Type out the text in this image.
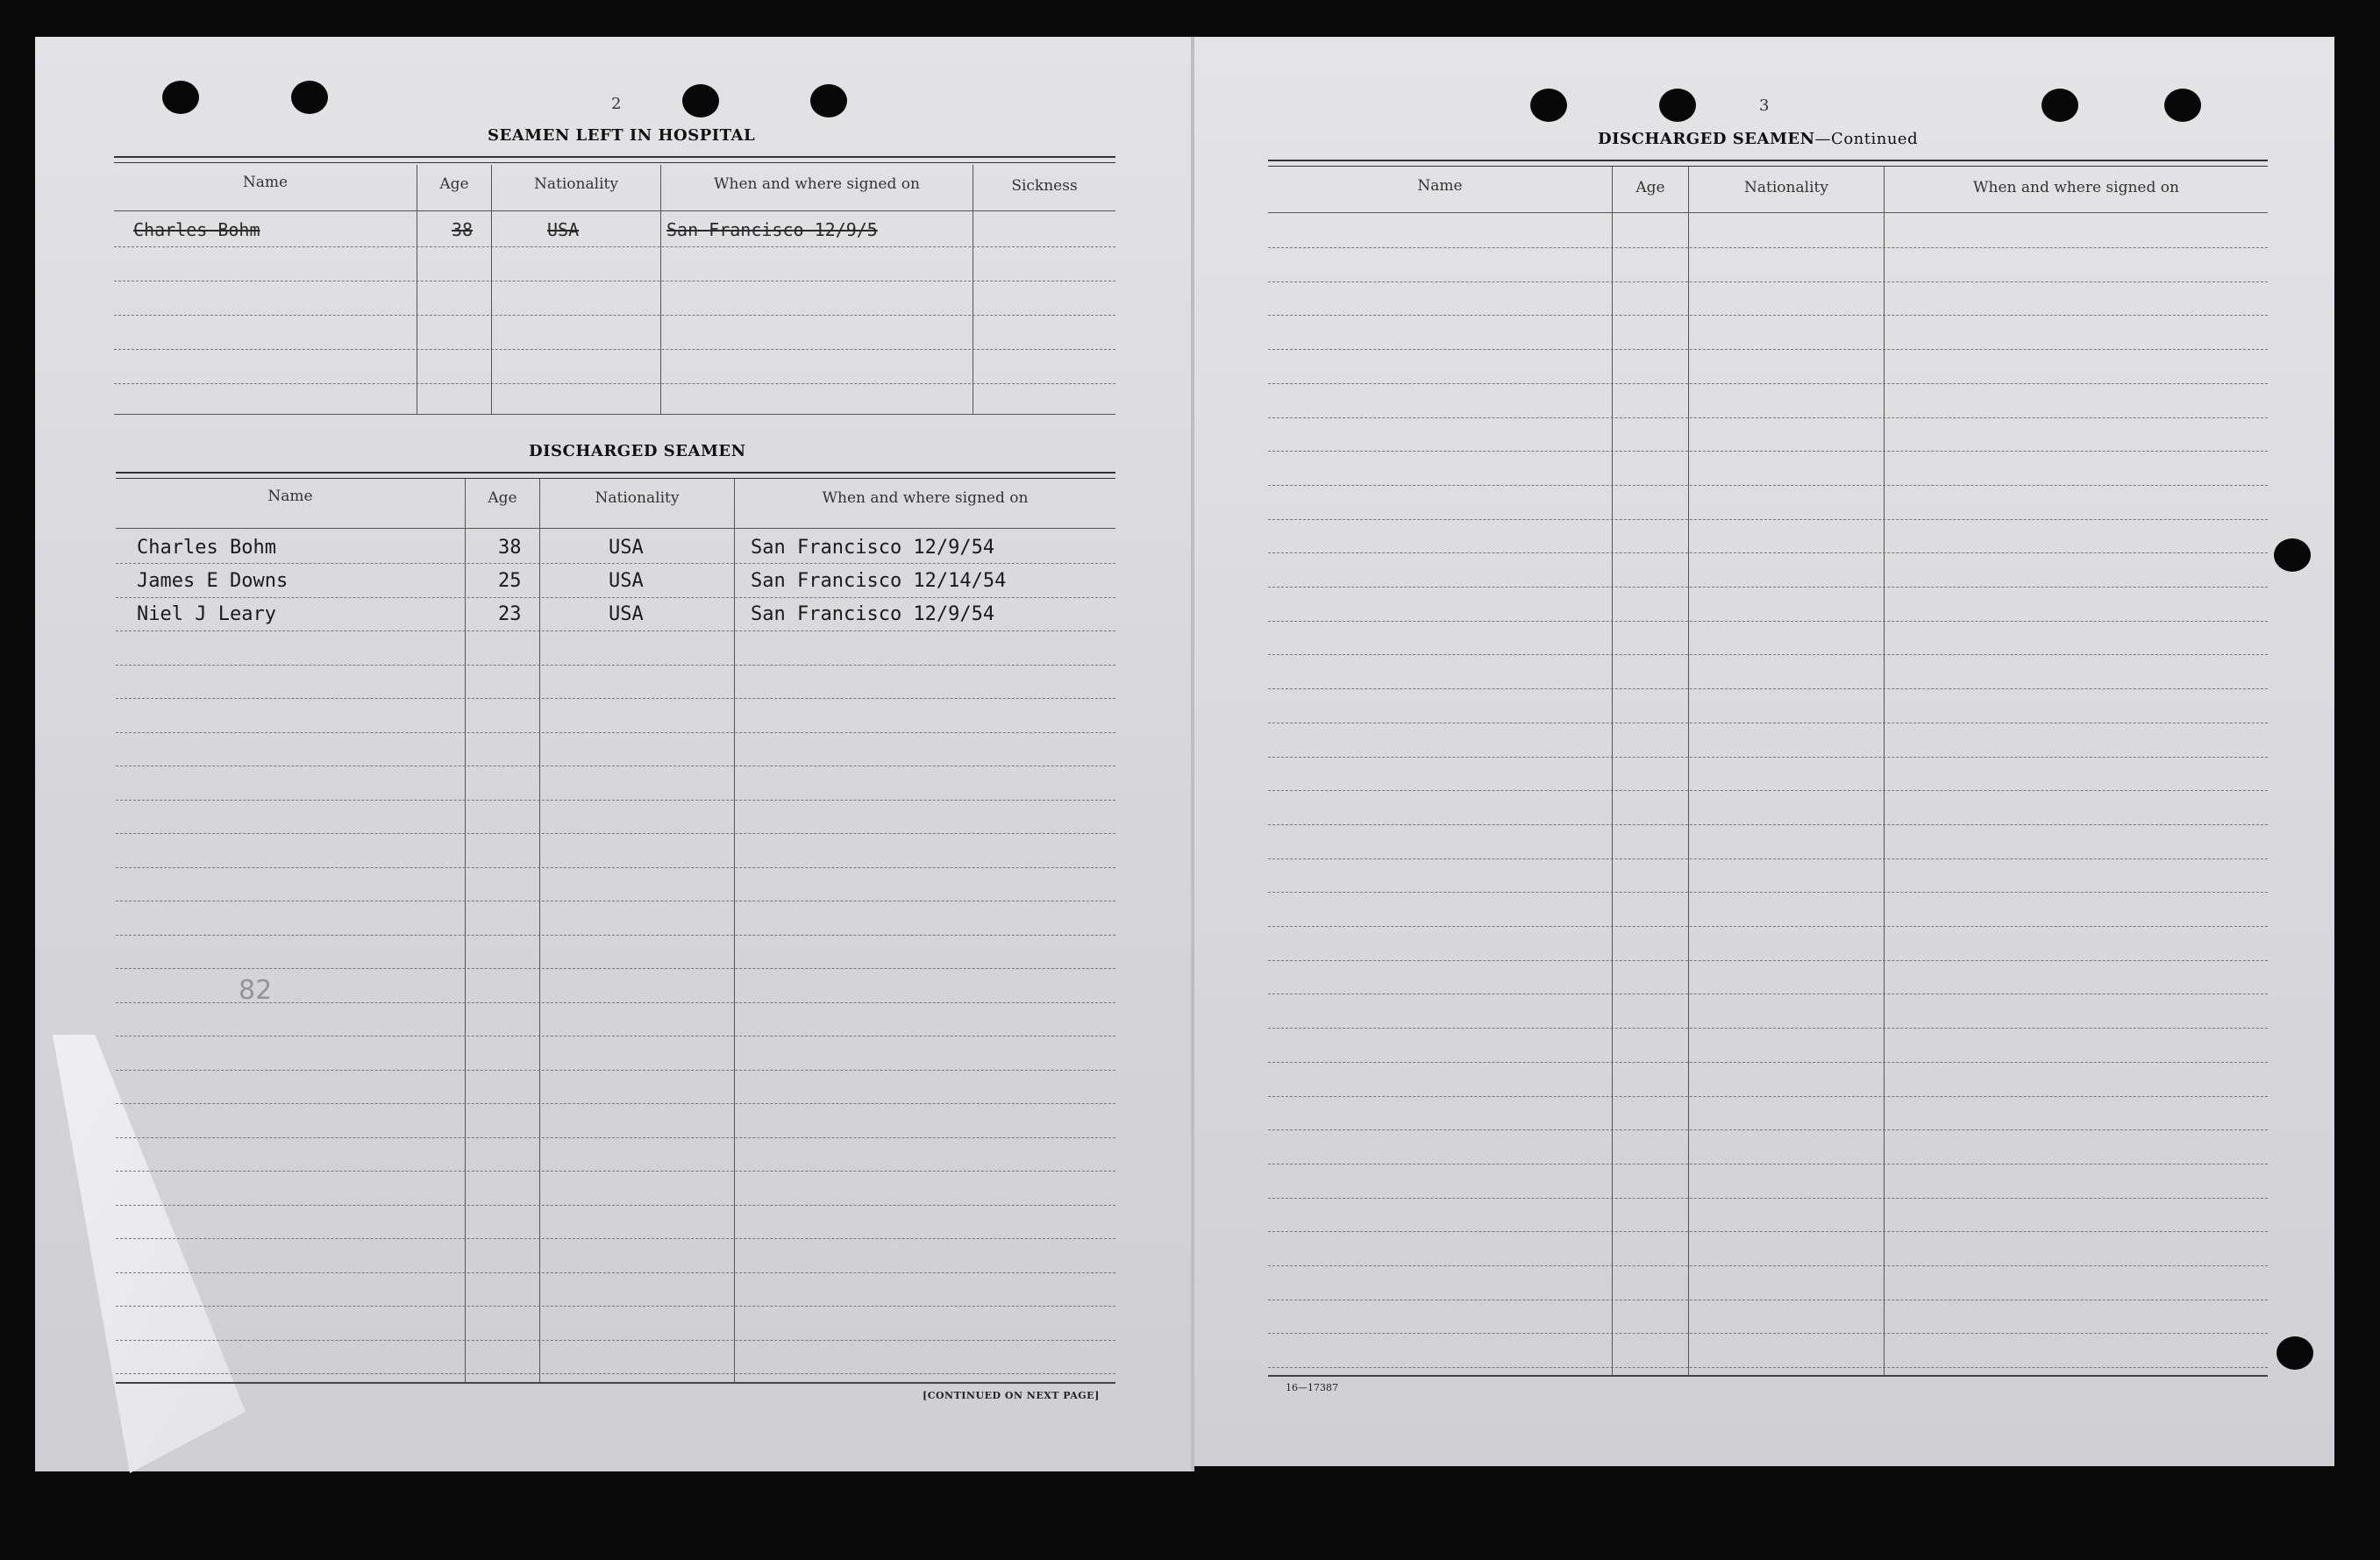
2
SEAMEN LEFT IN HOSPITAL
Name	Age	Nationality	When and where signed on	Sickness
Charles Bohm	38	USA	San Francisco 12/9/5
DISCHARGED SEAMEN
Name	Age	Nationality	When and where signed on
Charles Bohm	38	USA	San Francisco 12/9/54
James E Downs	25	USA	San Francisco 12/14/54
Niel J Leary	23	USA	San Francisco 12/9/54
82
[CONTINUED ON NEXT PAGE]
3
DISCHARGED SEAMEN—Continued
Name	Age	Nationality	When and where signed on
16—17387
